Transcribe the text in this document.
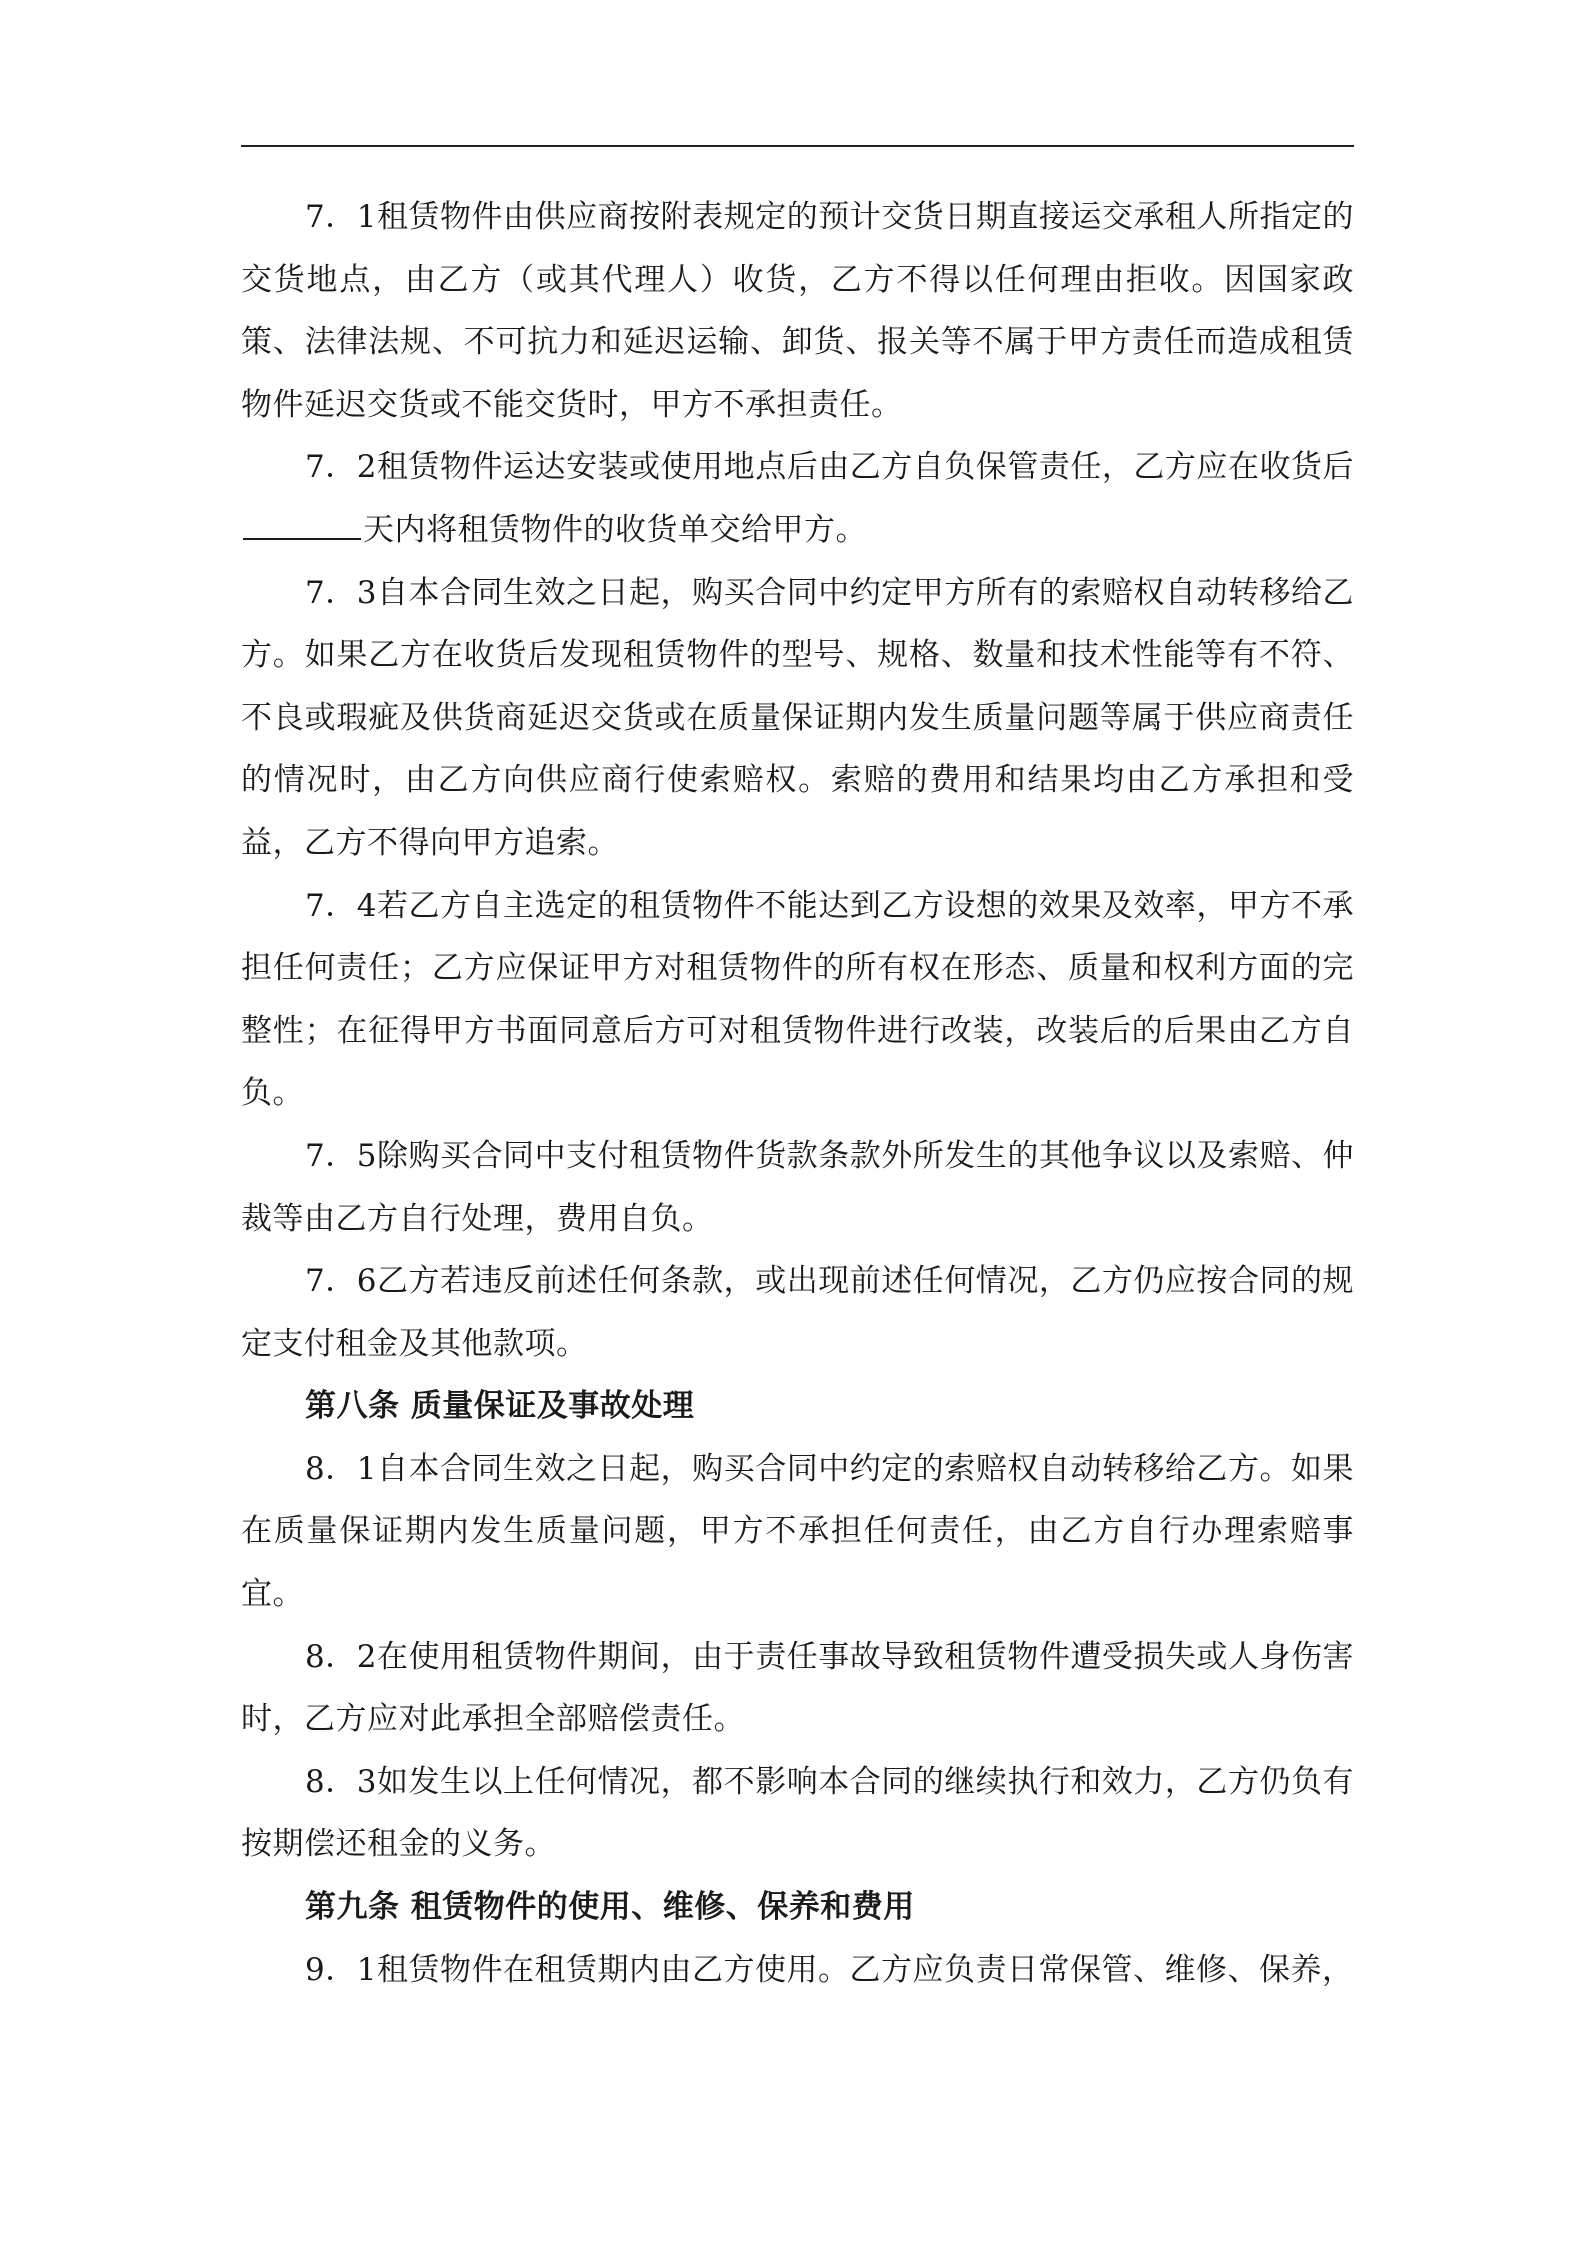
7．1租赁物件由供应商按附表规定的预计交货日期直接运交承租人所指定的交货地点，由乙方（或其代理人）收货，乙方不得以任何理由拒收。因国家政策、法律法规、不可抗力和延迟运输、卸货、报关等不属于甲方责任而造成租赁物件延迟交货或不能交货时，甲方不承担责任。

7．2租赁物件运达安装或使用地点后由乙方自负保管责任，乙方应在收货后天内将租赁物件的收货单交给甲方。

7．3自本合同生效之日起，购买合同中约定甲方所有的索赔权自动转移给乙方。如果乙方在收货后发现租赁物件的型号、规格、数量和技术性能等有不符、不良或瑕疵及供货商延迟交货或在质量保证期内发生质量问题等属于供应商责任的情况时，由乙方向供应商行使索赔权。索赔的费用和结果均由乙方承担和受益，乙方不得向甲方追索。

7．4若乙方自主选定的租赁物件不能达到乙方设想的效果及效率，甲方不承担任何责任；乙方应保证甲方对租赁物件的所有权在形态、质量和权利方面的完整性；在征得甲方书面同意后方可对租赁物件进行改装，改装后的后果由乙方自负。

7．5除购买合同中支付租赁物件货款条款外所发生的其他争议以及索赔、仲裁等由乙方自行处理，费用自负。

7．6乙方若违反前述任何条款，或出现前述任何情况，乙方仍应按合同的规定支付租金及其他款项。

第八条 质量保证及事故处理

8．1自本合同生效之日起，购买合同中约定的索赔权自动转移给乙方。如果在质量保证期内发生质量问题，甲方不承担任何责任，由乙方自行办理索赔事宜。

8．2在使用租赁物件期间，由于责任事故导致租赁物件遭受损失或人身伤害时，乙方应对此承担全部赔偿责任。

8．3如发生以上任何情况，都不影响本合同的继续执行和效力，乙方仍负有按期偿还租金的义务。

第九条 租赁物件的使用、维修、保养和费用

9．1租赁物件在租赁期内由乙方使用。乙方应负责日常保管、维修、保养，
